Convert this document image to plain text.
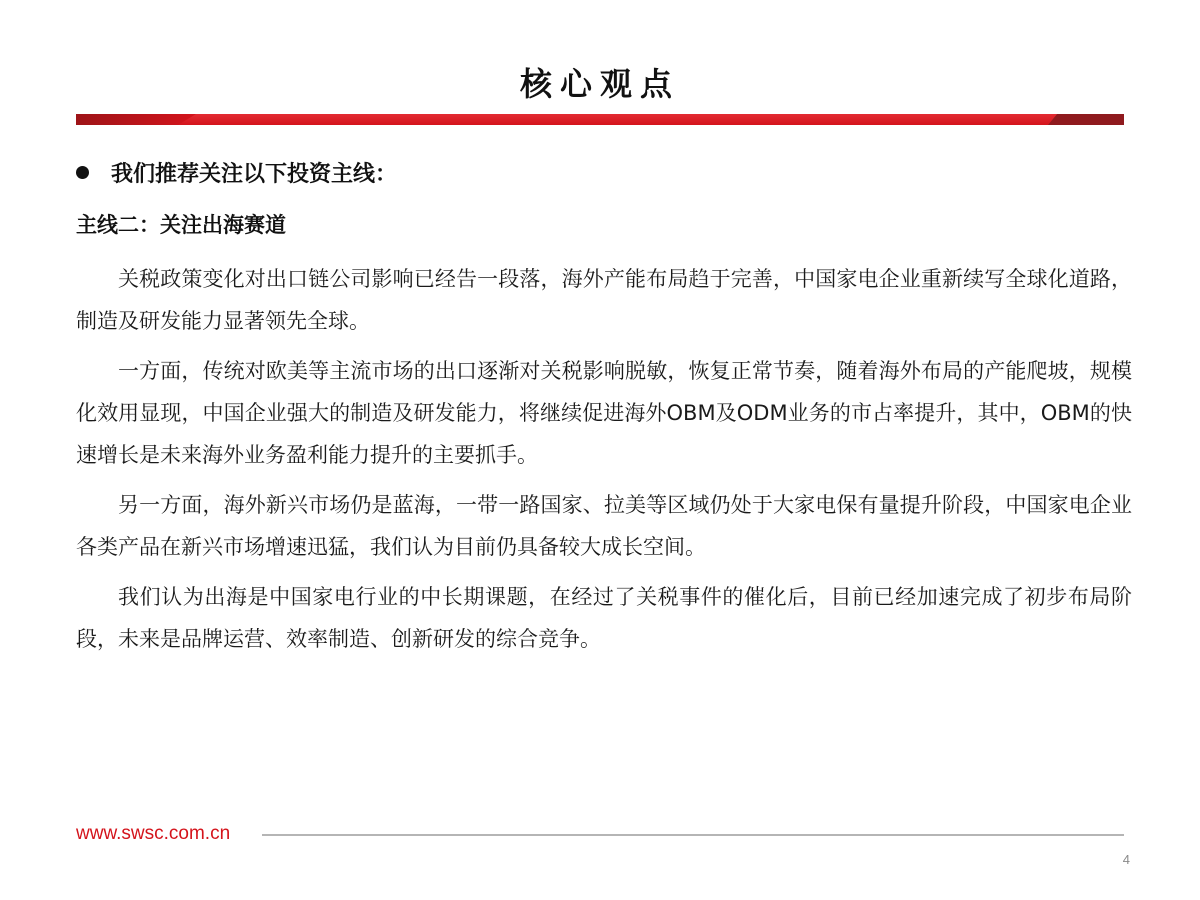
核心观点
我们推荐关注以下投资主线：
主线二：关注出海赛道

关税政策变化对出口链公司影响已经告一段落，海外产能布局趋于完善，中国家电企业重新续写全球化道路，制造及研发能力显著领先全球。

一方面，传统对欧美等主流市场的出口逐渐对关税影响脱敏，恢复正常节奏，随着海外布局的产能爬坡，规模化效用显现，中国企业强大的制造及研发能力，将继续促进海外OBM及ODM业务的市占率提升，其中，OBM的快速增长是未来海外业务盈利能力提升的主要抓手。

另一方面，海外新兴市场仍是蓝海，一带一路国家、拉美等区域仍处于大家电保有量提升阶段，中国家电企业各类产品在新兴市场增速迅猛，我们认为目前仍具备较大成长空间。

我们认为出海是中国家电行业的中长期课题，在经过了关税事件的催化后，目前已经加速完成了初步布局阶段，未来是品牌运营、效率制造、创新研发的综合竞争。

www.swsc.com.cn
4
